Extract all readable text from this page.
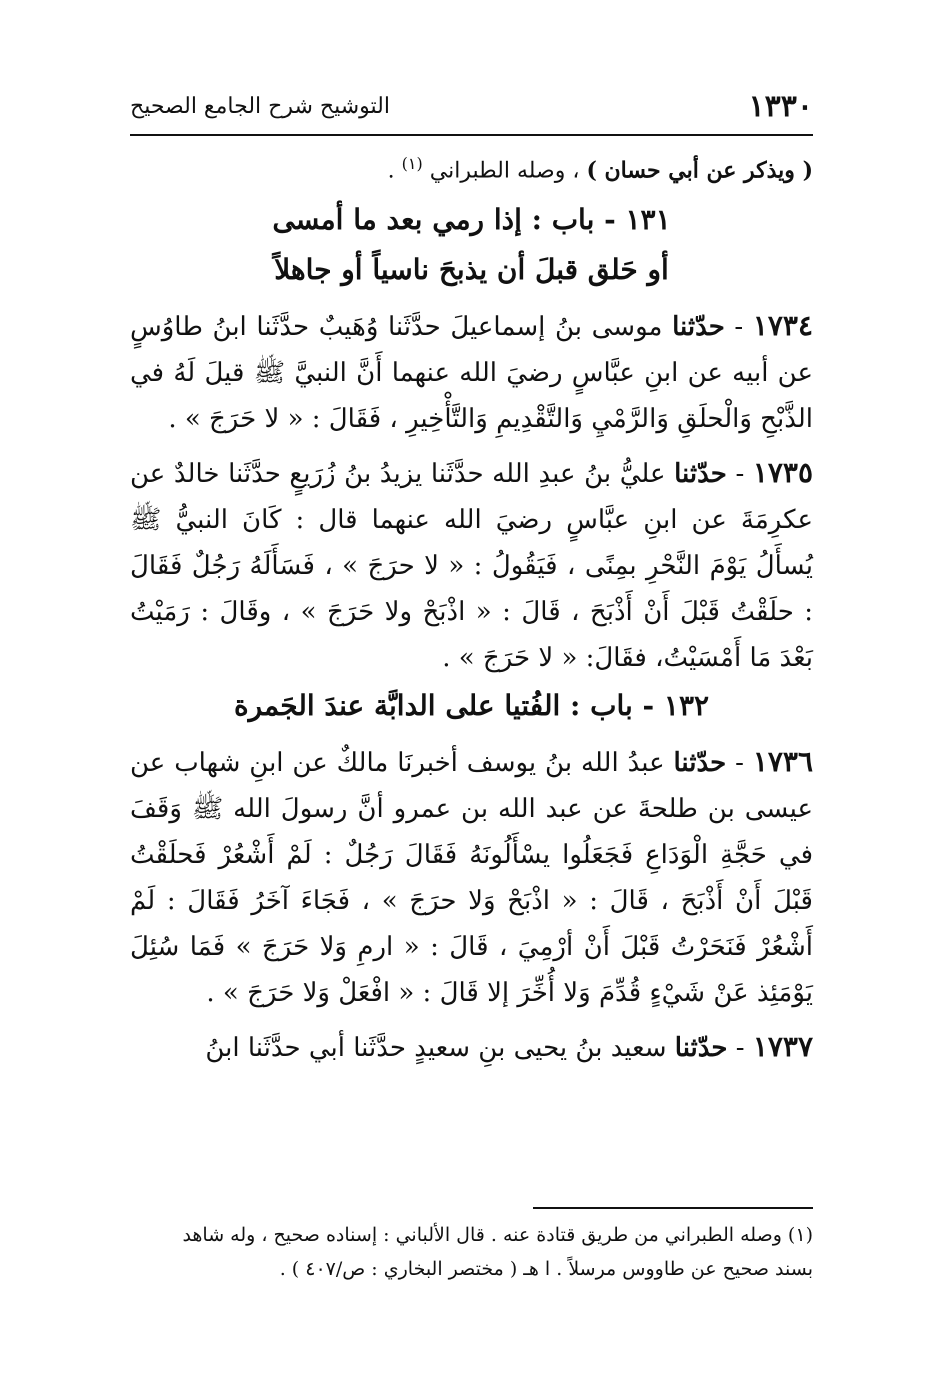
١٣٣٠
التوشيح شرح الجامع الصحيح

( ويذكر عن أبي حسان ) ، وصله الطبراني $^{(١)}$ .

١٣١ - باب : إذا رمي بعد ما أمسى

أو حَلق قبلَ أن يذبحَ ناسياً أو جاهلاً

١٧٣٤ - حدّثنا موسى بنُ إسماعيلَ حدَّثَنا وُهَيبٌ حدَّثَنا ابنُ طاوُسٍ عن أبيه عن ابنِ عبَّاسٍ رضيَ الله عنهما أَنَّ النبيَّ ﷺ قيلَ لَهُ في الذَّبْحِ وَالْحلَقِ وَالرَّمْيِ وَالتَّقْدِيمِ وَالتَّأْخِيرِ ، فَقَالَ : « لا حَرَجَ » .

١٧٣٥ - حدّثنا عليُّ بنُ عبدِ الله حدَّثَنا يزيدُ بنُ زُرَيعٍ حدَّثَنا خالدٌ عن عكرِمَةَ عن ابنِ عبَّاسٍ رضيَ الله عنهما قال : كَانَ النبيُّ ﷺ يُسأَلُ يَوْمَ النَّحْرِ بمِنًى ، فَيَقُولُ : « لا حرَجَ » ، فَسَأَلَهُ رَجُلٌ فَقَالَ : حلَقْتُ قَبْلَ أَنْ أَذْبَحَ ، قَالَ : « اذْبَحْ ولا حَرَجَ » ، وقَالَ : رَمَيْتُ بَعْدَ مَا أَمْسَيْتُ، فقَالَ: « لا حَرَجَ » .

١٣٢ - باب : الفُتيا على الدابَّة عندَ الجَمرة

١٧٣٦ - حدّثنا عبدُ الله بنُ يوسف أخبرنَا مالكٌ عن ابنِ شهاب عن عيسى بن طلحةَ عن عبد الله بن عمرو أنَّ رسولَ الله ﷺ وَقَفَ في حَجَّةِ الْوَدَاعِ فَجَعَلُوا يسْأَلُونَهُ فَقَالَ رَجُلٌ : لَمْ أَشْعُرْ فَحلَقْتُ قَبْلَ أَنْ أَذْبَحَ ، قَالَ : « اذْبَحْ وَلا حرَجَ » ، فَجَاءَ آخَرُ فَقَالَ : لَمْ أَشْعُرْ فَنَحَرْتُ قَبْلَ أَنْ أرْمِيَ ، قَالَ : « ارمِ وَلا حَرَجَ » فَمَا سُئِلَ يَوْمَئِذ عَنْ شَيْءٍ قُدِّمَ وَلا أُخِّرَ إلا قَالَ : « افْعَلْ وَلا حَرَجَ » .

١٧٣٧ - حدّثنا سعيد بنُ يحيى بنِ سعيدٍ حدَّثَنا أبي حدَّثَنا ابنُ

(١) وصله الطبراني من طريق قتادة عنه . قال الألباني : إسناده صحيح ، وله شاهد

بسند صحيح عن طاووس مرسلاً . ا هـ ( مختصر البخاري : ص/٤٠٧ ) .
